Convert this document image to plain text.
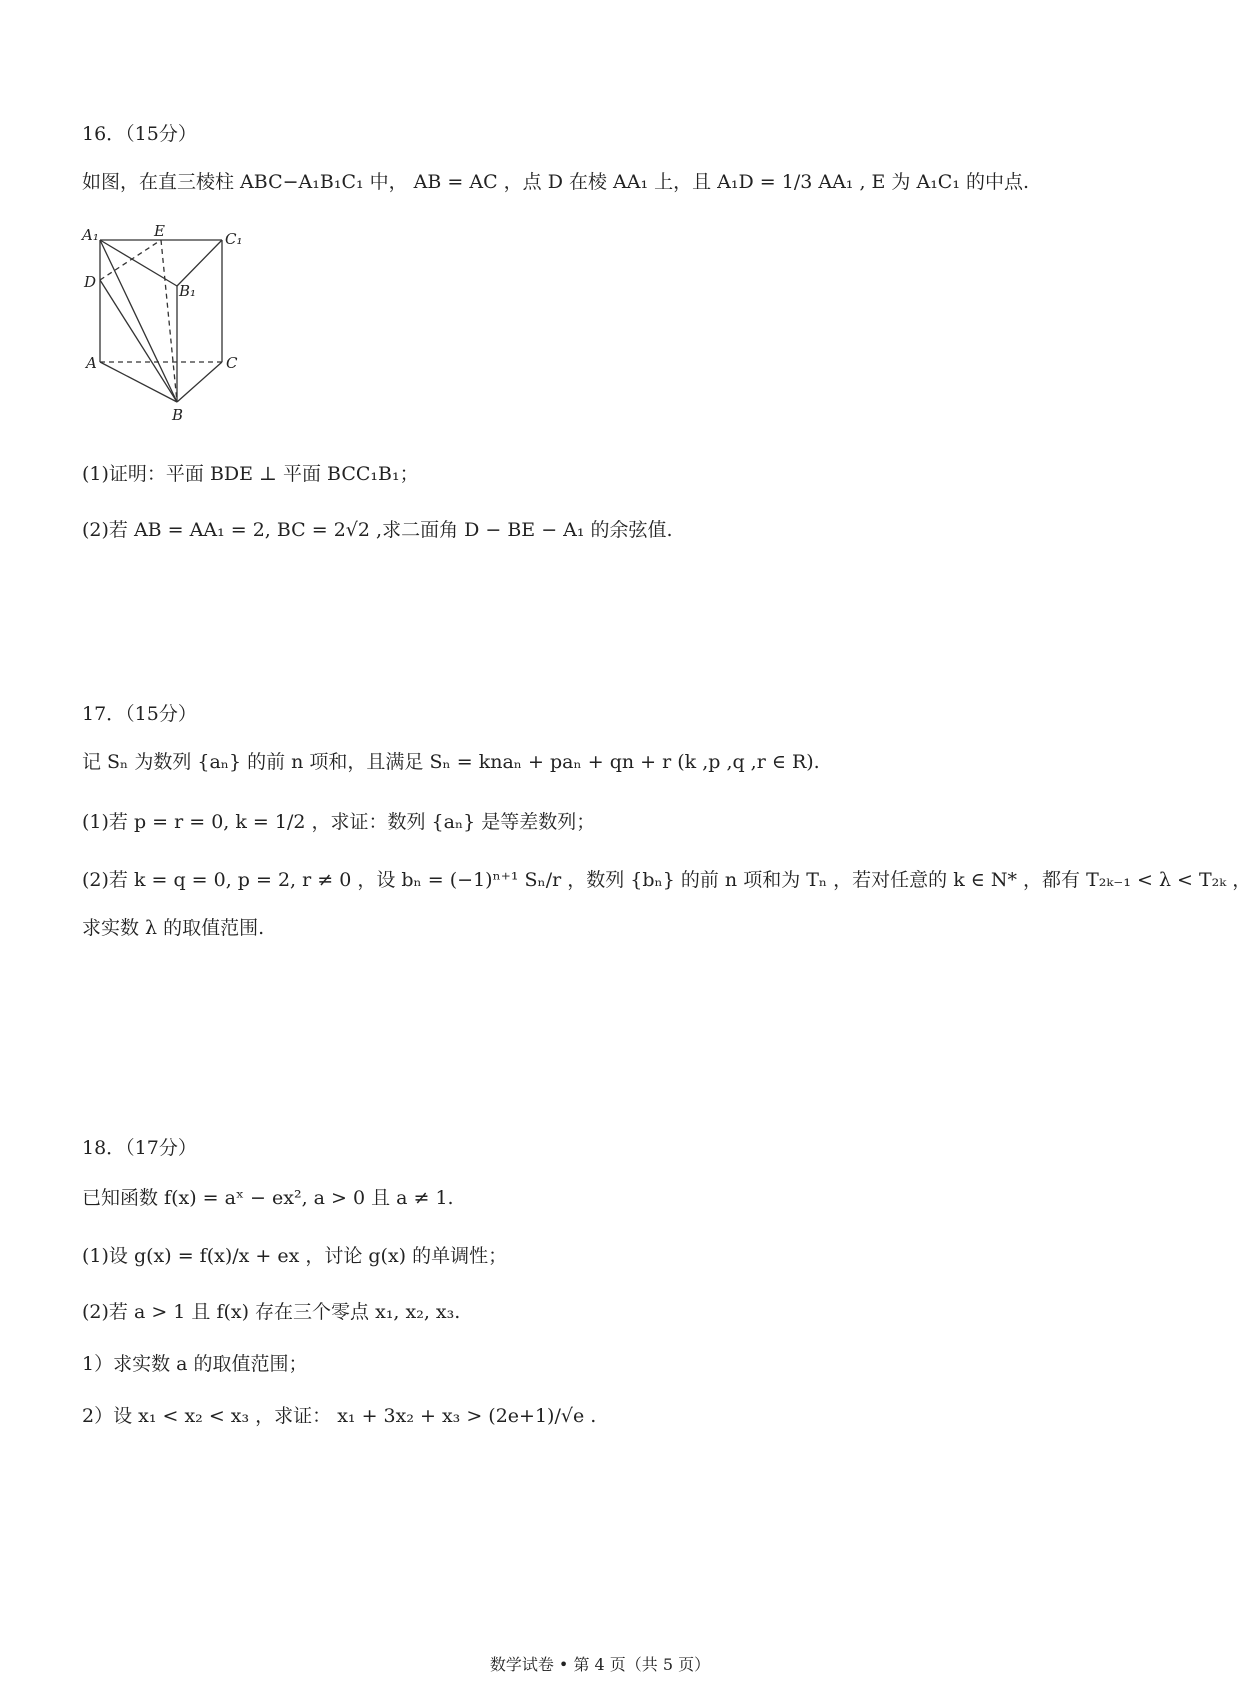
16．（15分）
如图，在直三棱柱 ABC−A₁B₁C₁ 中， AB = AC ，点 D 在棱 AA₁ 上，且 A₁D = 1/3 AA₁ , E 为 A₁C₁ 的中点.
A₁	E	C₁
D	B₁
A	C
B
(1)证明：平面 BDE ⊥ 平面 BCC₁B₁；
(2)若 AB = AA₁ = 2, BC = 2√2 ,求二面角 D − BE − A₁ 的余弦值.
17．（15分）
记 Sₙ 为数列 {aₙ} 的前 n 项和，且满足 Sₙ = knaₙ + paₙ + qn + r (k ,p ,q ,r ∈ R).
(1)若 p = r = 0, k = 1/2 ，求证：数列 {aₙ} 是等差数列；
(2)若 k = q = 0, p = 2, r ≠ 0 ，设 bₙ = (−1)ⁿ⁺¹ Sₙ/r ，数列 {bₙ} 的前 n 项和为 Tₙ ，若对任意的 k ∈ N* ，都有 T₂ₖ₋₁ < λ < T₂ₖ ，
求实数 λ 的取值范围.
18．（17分）
已知函数 f(x) = aˣ − ex², a > 0 且 a ≠ 1.
(1)设 g(x) = f(x)/x + ex ，讨论 g(x) 的单调性；
(2)若 a > 1 且 f(x) 存在三个零点 x₁, x₂, x₃.
1）求实数 a 的取值范围；
2）设 x₁ < x₂ < x₃ ，求证： x₁ + 3x₂ + x₃ > (2e+1)/√e .
数学试卷 • 第 4 页（共 5 页）
